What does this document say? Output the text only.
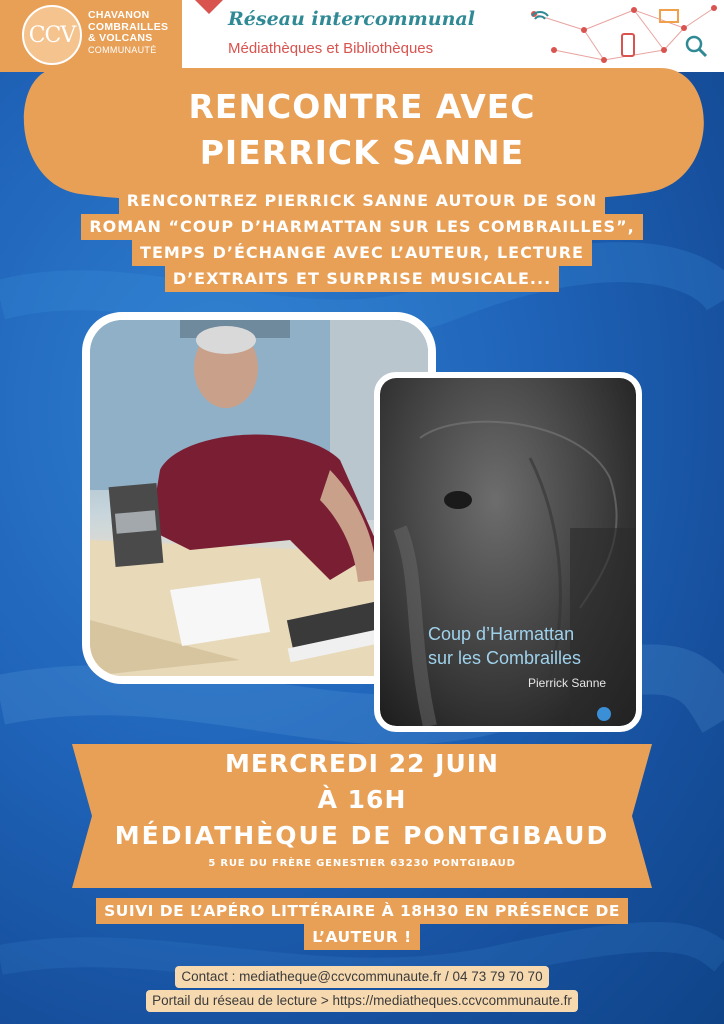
CCV
CHAVANON
COMBRAILLES
& VOLCANS
COMMUNAUTÉ
Réseau intercommunal
Médiathèques et Bibliothèques
RENCONTRE AVEC
PIERRICK SANNE
RENCONTREZ PIERRICK SANNE AUTOUR DE SON
ROMAN “COUP D’HARMATTAN SUR LES COMBRAILLES”,
TEMPS D’ÉCHANGE AVEC L’AUTEUR, LECTURE
D’EXTRAITS ET SURPRISE MUSICALE...
Coup d’Harmattan
sur les Combrailles
Pierrick Sanne
MERCREDI 22 JUIN
À 16H
MÉDIATHÈQUE DE PONTGIBAUD
5 RUE DU FRÈRE GENESTIER 63230 PONTGIBAUD
SUIVI DE L’APÉRO LITTÉRAIRE À 18H30 EN PRÉSENCE DE
L’AUTEUR !
Contact : mediatheque@ccvcommunaute.fr / 04 73 79 70 70
Portail du réseau de lecture > https://mediatheques.ccvcommunaute.fr
